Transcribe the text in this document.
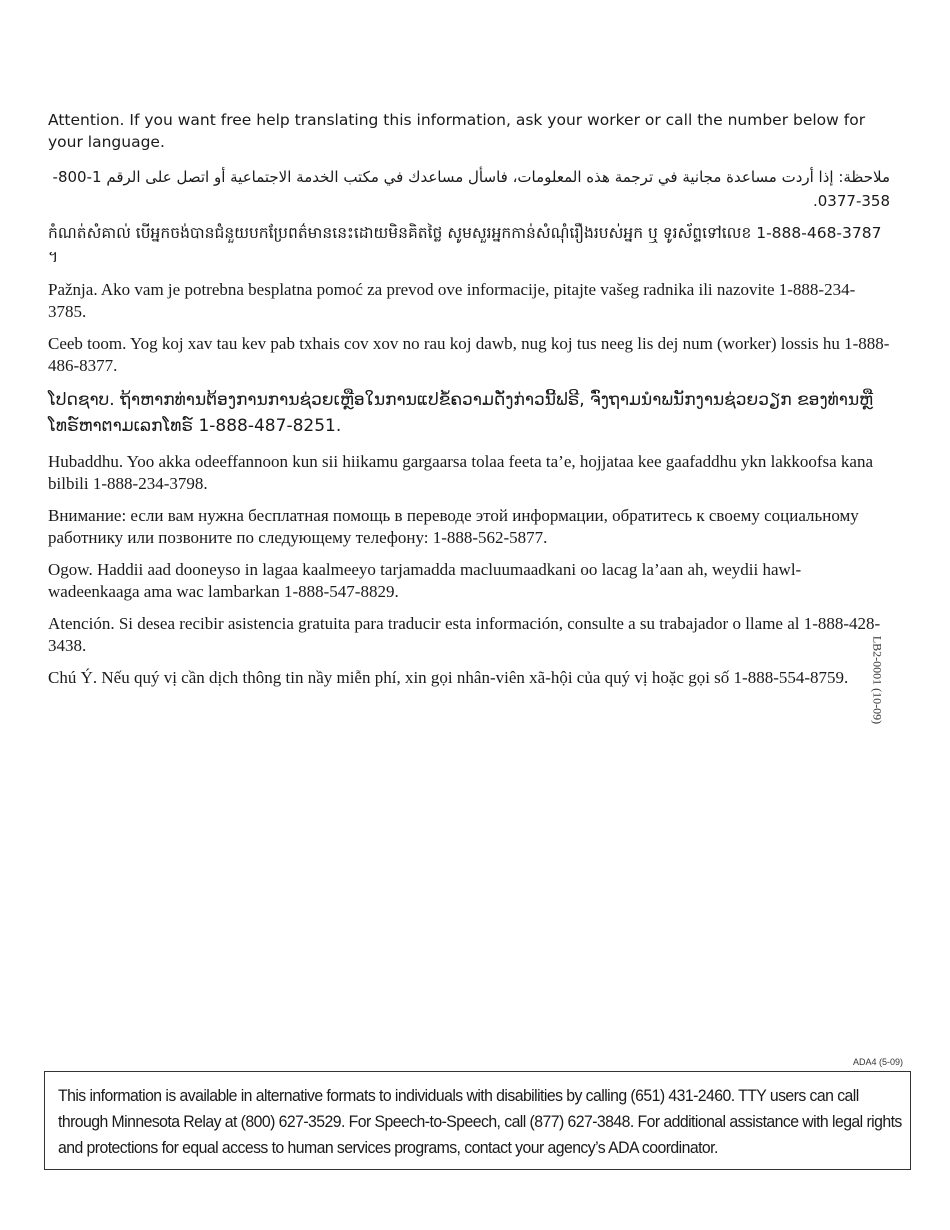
Attention. If you want free help translating this information, ask your worker or call the number below for your language.

ملاحظة: إذا أردت مساعدة مجانية في ترجمة هذه المعلومات، فاسأل مساعدك في مكتب الخدمة الاجتماعية أو اتصل على الرقم 1-800-358-0377.

កំណត់សំគាល់ បើអ្នកចង់បានជំនួយបកប្រែពត៌មាននេះដោយមិនគិតថ្លៃ សូមសួរអ្នកកាន់សំណុំរឿងរបស់អ្នក ឬ ទូរស័ព្ទទៅលេខ 1-888-468-3787 ។

Pažnja. Ako vam je potrebna besplatna pomoć za prevod ove informacije, pitajte vašeg radnika ili nazovite 1-888-234-3785.

Ceeb toom. Yog koj xav tau kev pab txhais cov xov no rau koj dawb, nug koj tus neeg lis dej num (worker) lossis hu 1-888-486-8377.

ໂປດຊາບ. ຖ້າຫາກທ່ານຕ້ອງການການຊ່ວຍເຫຼືອໃນການແປຂໍ້ຄວາມດັ່ງກ່າວນີ້ຟຣີ, ຈົ່ງຖາມນຳພນັກງານຊ່ວຍວຽກ ຂອງທ່ານຫຼືໂທຣ໌ຫາຕາມເລກໂທຣ໌ 1-888-487-8251.

Hubaddhu. Yoo akka odeeffannoon kun sii hiikamu gargaarsa tolaa feeta ta’e, hojjataa kee gaafaddhu ykn lakkoofsa kana bilbili 1-888-234-3798.

Внимание: если вам нужна бесплатная помощь в переводе этой информации, обратитесь к своему социальному работнику или позвоните по следующему телефону: 1-888-562-5877.

Ogow. Haddii aad dooneyso in lagaa kaalmeeyo tarjamadda macluumaadkani oo lacag la’aan ah, weydii hawl-wadeenkaaga ama wac lambarkan 1-888-547-8829.

Atención. Si desea recibir asistencia gratuita para traducir esta información, consulte a su trabajador o llame al 1-888-428-3438.

Chú Ý. Nếu quý vị cần dịch thông tin nầy miễn phí, xin gọi nhân-viên xã-hội của quý vị hoặc gọi số 1-888-554-8759.	LB2-0001 (10-09)
ADA4 (5-09)

This information is available in alternative formats to individuals with disabilities by calling (651) 431-2460. TTY users can call through Minnesota Relay at (800) 627-3529. For Speech-to-Speech, call (877) 627-3848. For additional assistance with legal rights and protections for equal access to human services programs, contact your agency’s ADA coordinator.
